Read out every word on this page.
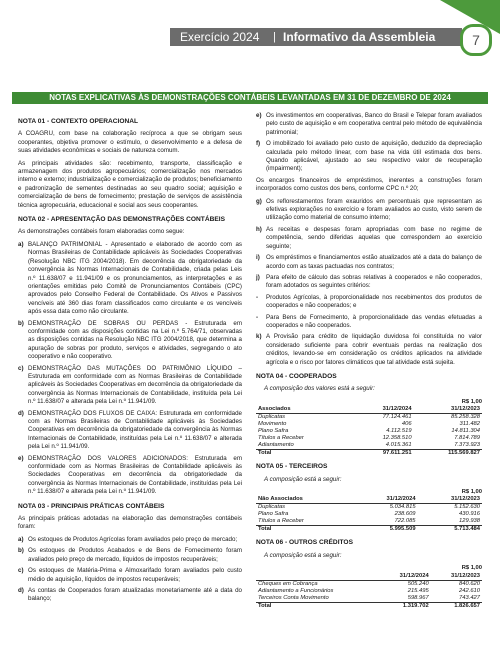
Exercício 2024 | Informativo da Assembleia	7
NOTAS EXPLICATIVAS ÀS DEMONSTRAÇÕES CONTÁBEIS LEVANTADAS EM 31 DE DEZEMBRO DE 2024
NOTA 01 - CONTEXTO OPERACIONAL

A COAGRU, com base na colaboração recíproca a que se obrigam seus cooperantes, objetiva promover o estímulo, o desenvolvimento e a defesa de suas atividades econômicas e sociais de natureza comum.

As principais atividades são: recebimento, transporte, classificação e armazenagem dos produtos agropecuários; comercialização nos mercados interno e externo; industrialização e comercialização de produtos; beneficiamento e padronização de sementes destinadas ao seu quadro social; aquisição e comercialização de bens de fornecimento; prestação de serviços de assistência técnica agropecuária, educacional e social aos seus cooperantes.

NOTA 02 - APRESENTAÇÃO DAS DEMONSTRAÇÕES CONTÁBEIS

As demonstrações contábeis foram elaboradas como segue:

a) BALANÇO PATRIMONIAL - Apresentado e elaborado de acordo com as Normas Brasileiras de Contabilidade aplicáveis às Sociedades Cooperativas (Resolução NBC ITG 2004/2018). Em decorrência da obrigatoriedade da convergência às Normas Internacionais de Contabilidade, criada pelas Leis n.º 11.638/07 e 11.941/09 e os pronunciamentos, as interpretações e as orientações emitidas pelo Comitê de Pronunciamentos Contábeis (CPC) aprovados pelo Conselho Federal de Contabilidade. Os Ativos e Passivos vencíveis até 360 dias foram classificados como circulante e os vencíveis após essa data como não circulante.
b) DEMONSTRAÇÃO DE SOBRAS OU PERDAS - Estruturada em conformidade com as disposições contidas na Lei n.º 5.764/71, observadas as disposições contidas na Resolução NBC ITG 2004/2018, que determina a apuração de sobras por produto, serviços e atividades, segregando o ato cooperativo e não cooperativo.
c) DEMONSTRAÇÃO DAS MUTAÇÕES DO PATRIMÔNIO LÍQUIDO – Estruturada em conformidade com as Normas Brasileiras de Contabilidade aplicáveis às Sociedades Cooperativas em decorrência da obrigatoriedade da convergência às Normas Internacionais de Contabilidade, instituída pela Lei n.º 11.638/07 e alterada pela Lei n.º 11.941/09.
d) DEMONSTRAÇÃO DOS FLUXOS DE CAIXA: Estruturada em conformidade com as Normas Brasileiras de Contabilidade aplicáveis às Sociedades Cooperativas em decorrência da obrigatoriedade da convergência às Normas Internacionais de Contabilidade, instituídas pela Lei n.º 11.638/07 e alterada pela Lei n.º 11.941/09.
e) DEMONSTRAÇÃO DOS VALORES ADICIONADOS: Estruturada em conformidade com as Normas Brasileiras de Contabilidade aplicáveis às Sociedades Cooperativas em decorrência da obrigatoriedade da convergência às Normas Internacionais de Contabilidade, instituídas pela Lei n.º 11.638/07 e alterada pela Lei n.º 11.941/09.
NOTA 03 - PRINCIPAIS PRÁTICAS CONTÁBEIS

As principais práticas adotadas na elaboração das demonstrações contábeis foram:

a) Os estoques de Produtos Agrícolas foram avaliados pelo preço de mercado;
b) Os estoques de Produtos Acabados e de Bens de Fornecimento foram avaliados pelo preço de mercado, líquidos de impostos recuperáveis;
c) Os estoques de Matéria-Prima e Almoxarifado foram avaliados pelo custo médio de aquisição, líquidos de impostos recuperáveis;
d) As contas de Cooperados foram atualizadas monetariamente até a data do balanço;
e) Os investimentos em cooperativas, Banco do Brasil e Telepar foram avaliados pelo custo de aquisição e em cooperativa central pelo método de equivalência patrimonial;
f) O imobilizado foi avaliado pelo custo de aquisição, deduzido da depreciação calculada pelo método linear, com base na vida útil estimada dos bens. Quando aplicável, ajustado ao seu respectivo valor de recuperação (impairment);

Os encargos financeiros de empréstimos, inerentes a construções foram incorporados como custos dos bens, conforme CPC n.º 20;

g) Os reflorestamentos foram exauridos em percentuais que representam as efetivas explorações no exercício e foram avaliados ao custo, visto serem de utilização como material de consumo interno;
h) As receitas e despesas foram apropriadas com base no regime de competência, sendo diferidas aquelas que correspondem ao exercício seguinte;
i)	Os empréstimos e financiamentos estão atualizados até a data do balanço de acordo com as taxas pactuadas nos contratos;
j)	Para efeito de cálculo das sobras relativas à cooperados e não cooperados, foram adotados os seguintes critérios:
-	Produtos Agrícolas, à proporcionalidade nos recebimentos dos produtos de cooperados e não cooperados; e
-	Para Bens de Fornecimento, à proporcionalidade das vendas efetuadas a cooperados e não cooperados.
k) A Provisão para crédito de liquidação duvidosa foi constituída no valor considerado suficiente para cobrir eventuais perdas na realização dos créditos, levando-se em consideração os créditos aplicados na atividade agrícola e o risco por fatores climáticos que tal atividade está sujeita.
NOTA 04 - COOPERADOS
A composição dos valores está a seguir:
R$ 1,00
Associados	31/12/2024	31/12/2023
Duplicatas	77.124.461	85.258.328
Movimento	406	311.482
Plano Safra	4.112.519	14.811.304
Títulos a Receber	12.358.510	7.814.789
Adiantamento	4.015.361	7.373.923
Total	97.611.251	115.569.827
NOTA 05 - TERCEIROS
A composição está a seguir:
R$ 1,00
Não Associados	31/12/2024	31/12/2023
Duplicatas	5.034.815	5.152.630
Plano Safra	238.609	430.916
Títulos a Receber	722.085	129.938
Total	5.995.509	5.713.484
NOTA 06 - OUTROS CRÉDITOS
A composição está a seguir:
R$ 1,00
	31/12/2024	31/12/2023
Cheques em Cobrança	505.240	840.620
Adiantamento a Funcionários	215.495	242.610
Terceiros Conta Movimento	598.967	743.427
Total	1.319.702	1.826.657
